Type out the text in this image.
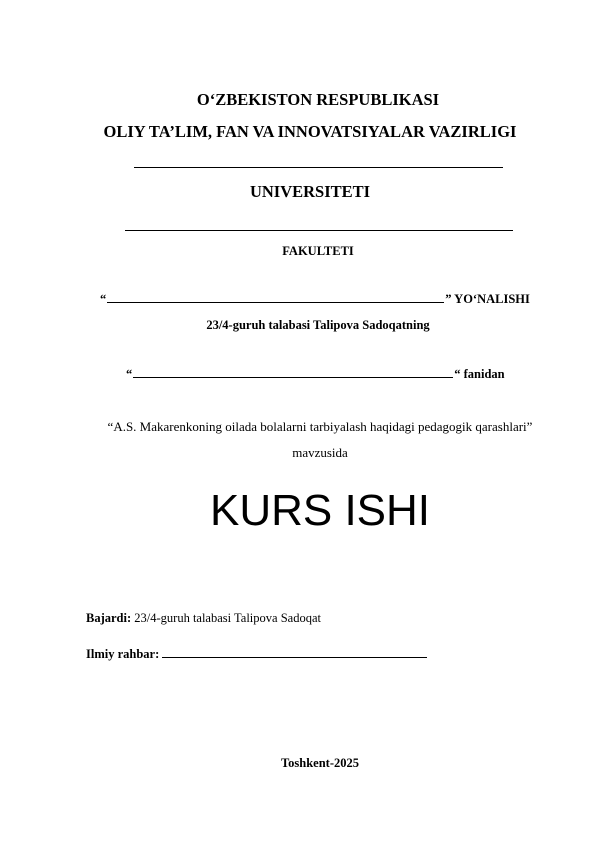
O‘ZBEKISTON RESPUBLIKASI
OLIY TA’LIM, FAN VA INNOVATSIYALAR VAZIRLIGI
UNIVERSITETI
FAKULTETI
“	” YO‘NALISHI
23/4-guruh talabasi Talipova Sadoqatning
“	“ fanidan
“A.S. Makarenkoning oilada bolalarni tarbiyalash haqidagi pedagogik qarashlari”
mavzusida
KURS ISHI
Bajardi: 23/4-guruh talabasi Talipova Sadoqat
Ilmiy rahbar:
Toshkent-2025
